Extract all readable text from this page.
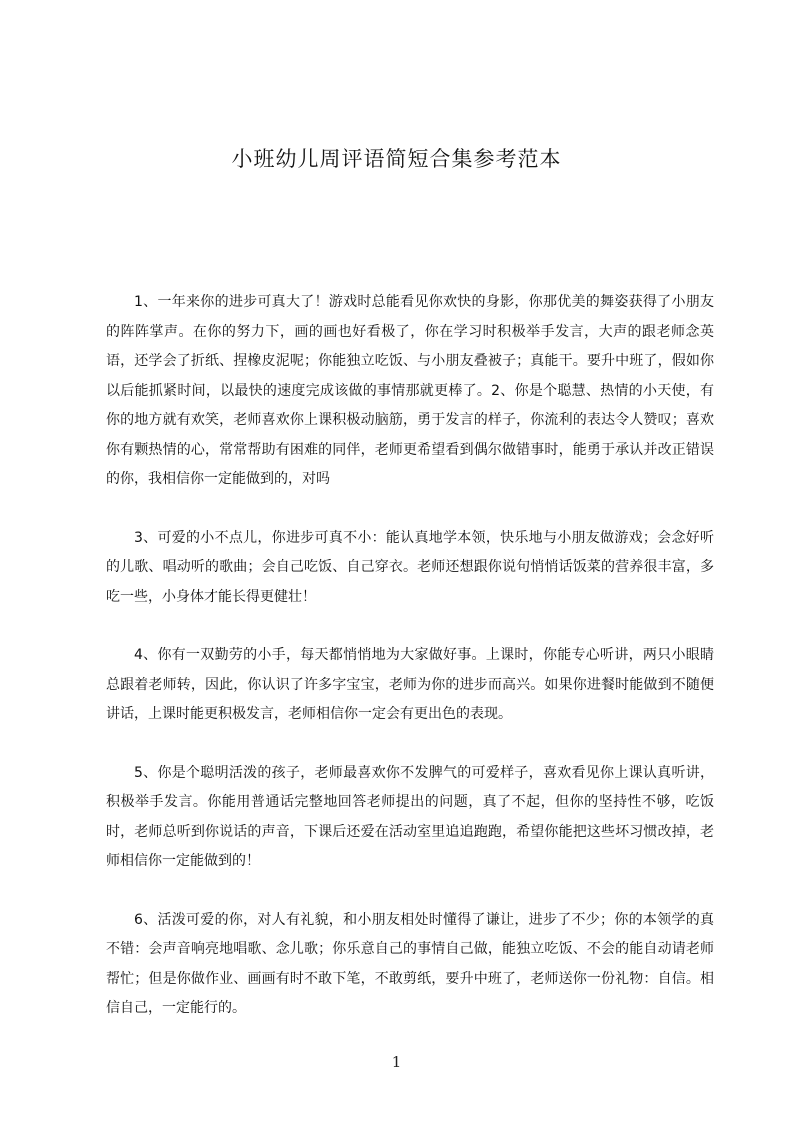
小班幼儿周评语简短合集参考范本

1、一年来你的进步可真大了！游戏时总能看见你欢快的身影，你那优美的舞姿获得了小朋友的阵阵掌声。在你的努力下，画的画也好看极了，你在学习时积极举手发言，大声的跟老师念英语，还学会了折纸、捏橡皮泥呢；你能独立吃饭、与小朋友叠被子；真能干。要升中班了，假如你以后能抓紧时间，以最快的速度完成该做的事情那就更棒了。2、你是个聪慧、热情的小天使，有你的地方就有欢笑，老师喜欢你上课积极动脑筋，勇于发言的样子，你流利的表达令人赞叹；喜欢你有颗热情的心，常常帮助有困难的同伴，老师更希望看到偶尔做错事时，能勇于承认并改正错误的你，我相信你一定能做到的，对吗

3、可爱的小不点儿，你进步可真不小：能认真地学本领，快乐地与小朋友做游戏；会念好听的儿歌、唱动听的歌曲；会自己吃饭、自己穿衣。老师还想跟你说句悄悄话饭菜的营养很丰富，多吃一些，小身体才能长得更健壮！

4、你有一双勤劳的小手，每天都悄悄地为大家做好事。上课时，你能专心听讲，两只小眼睛总跟着老师转，因此，你认识了许多字宝宝，老师为你的进步而高兴。如果你进餐时能做到不随便讲话，上课时能更积极发言，老师相信你一定会有更出色的表现。

5、你是个聪明活泼的孩子，老师最喜欢你不发脾气的可爱样子，喜欢看见你上课认真听讲，积极举手发言。你能用普通话完整地回答老师提出的问题，真了不起，但你的坚持性不够，吃饭时，老师总听到你说话的声音，下课后还爱在活动室里追追跑跑，希望你能把这些坏习惯改掉，老师相信你一定能做到的！

6、活泼可爱的你，对人有礼貌，和小朋友相处时懂得了谦让，进步了不少；你的本领学的真不错：会声音响亮地唱歌、念儿歌；你乐意自己的事情自己做，能独立吃饭、不会的能自动请老师帮忙；但是你做作业、画画有时不敢下笔，不敢剪纸，要升中班了，老师送你一份礼物：自信。相信自己，一定能行的。

1
